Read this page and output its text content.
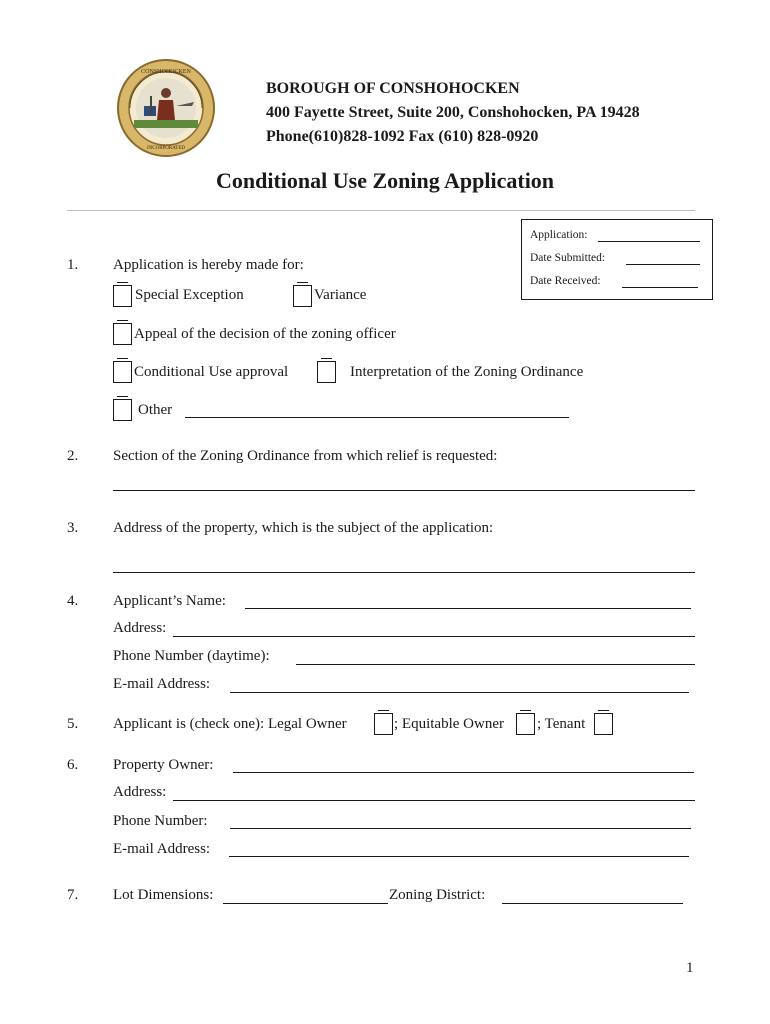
CONSHOHOCKEN
INCORPORATED
BOROUGH OF CONSHOHOCKEN
400 Fayette Street, Suite 200, Conshohocken, PA 19428
Phone(610)828-1092 Fax (610) 828-0920
Conditional Use Zoning Application
Application:
Date Submitted:
Date Received:
1. Application is hereby made for:
Special Exception	Variance
Appeal of the decision of the zoning officer
Conditional Use approval	Interpretation of the Zoning Ordinance
Other
2. Section of the Zoning Ordinance from which relief is requested:
3. Address of the property, which is the subject of the application:
4. Applicant’s Name:
Address:
Phone Number (daytime):
E-mail Address:
5. Applicant is (check one): Legal Owner	; Equitable Owner ; Tenant
6. Property Owner:
Address:
Phone Number:
E-mail Address:
7. Lot Dimensions:	Zoning District:
1
